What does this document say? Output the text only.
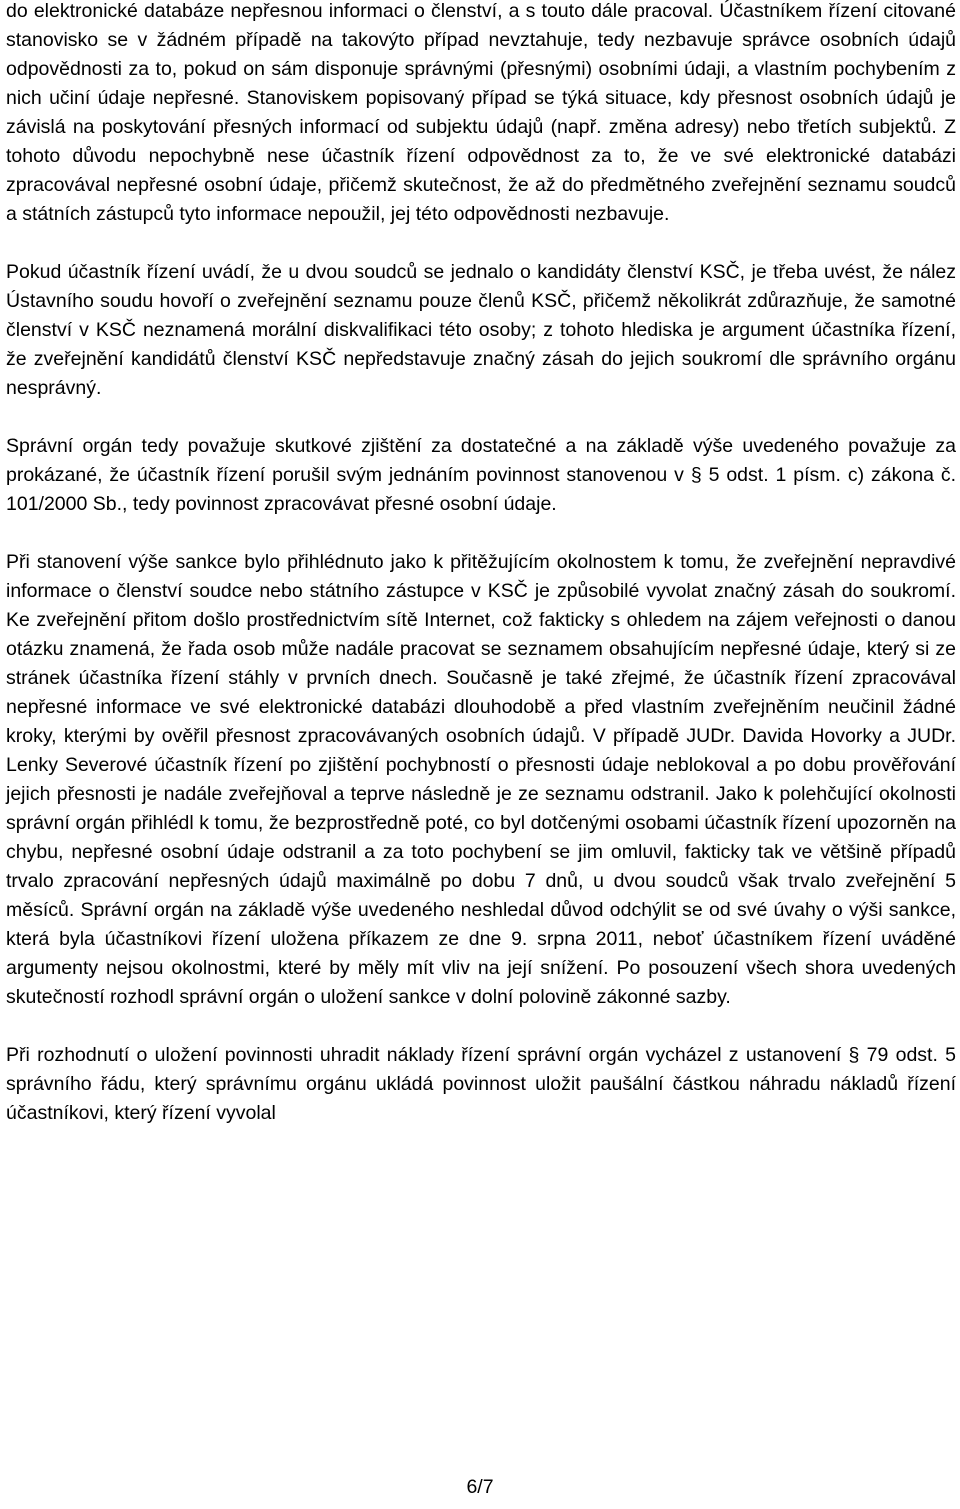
do elektronické databáze nepřesnou informaci o členství, a s touto dále pracoval. Účastníkem řízení citované stanovisko se v žádném případě na takovýto případ nevztahuje, tedy nezbavuje správce osobních údajů odpovědnosti za to, pokud on sám disponuje správnými (přesnými) osobními údaji, a vlastním pochybením z nich učiní údaje nepřesné. Stanoviskem popisovaný případ se týká situace, kdy přesnost osobních údajů je závislá na poskytování přesných informací od subjektu údajů (např. změna adresy) nebo třetích subjektů. Z tohoto důvodu nepochybně nese účastník řízení odpovědnost za to, že ve své elektronické databázi zpracovával nepřesné osobní údaje, přičemž skutečnost, že až do předmětného zveřejnění seznamu soudců a státních zástupců tyto informace nepoužil, jej této odpovědnosti nezbavuje.

Pokud účastník řízení uvádí, že u dvou soudců se jednalo o kandidáty členství KSČ, je třeba uvést, že nález Ústavního soudu hovoří o zveřejnění seznamu pouze členů KSČ, přičemž několikrát zdůrazňuje, že samotné členství v KSČ neznamená morální diskvalifikaci této osoby; z tohoto hlediska je argument účastníka řízení, že zveřejnění kandidátů členství KSČ nepředstavuje značný zásah do jejich soukromí dle správního orgánu nesprávný.

Správní orgán tedy považuje skutkové zjištění za dostatečné a na základě výše uvedeného považuje za prokázané, že účastník řízení porušil svým jednáním povinnost stanovenou v § 5 odst. 1 písm. c) zákona č. 101/2000 Sb., tedy povinnost zpracovávat přesné osobní údaje.

Při stanovení výše sankce bylo přihlédnuto jako k přitěžujícím okolnostem k tomu, že zveřejnění nepravdivé informace o členství soudce nebo státního zástupce v KSČ je způsobilé vyvolat značný zásah do soukromí. Ke zveřejnění přitom došlo prostřednictvím sítě Internet, což fakticky s ohledem na zájem veřejnosti o danou otázku znamená, že řada osob může nadále pracovat se seznamem obsahujícím nepřesné údaje, který si ze stránek účastníka řízení stáhly v prvních dnech. Současně je také zřejmé, že účastník řízení zpracovával nepřesné informace ve své elektronické databázi dlouhodobě a před vlastním zveřejněním neučinil žádné kroky, kterými by ověřil přesnost zpracovávaných osobních údajů. V případě JUDr. Davida Hovorky a JUDr. Lenky Severové účastník řízení po zjištění pochybností o přesnosti údaje neblokoval a po dobu prověřování jejich přesnosti je nadále zveřejňoval a teprve následně je ze seznamu odstranil. Jako k polehčující okolnosti správní orgán přihlédl k tomu, že bezprostředně poté, co byl dotčenými osobami účastník řízení upozorněn na chybu, nepřesné osobní údaje odstranil a za toto pochybení se jim omluvil, fakticky tak ve většině případů trvalo zpracování nepřesných údajů maximálně po dobu 7 dnů, u dvou soudců však trvalo zveřejnění 5 měsíců. Správní orgán na základě výše uvedeného neshledal důvod odchýlit se od své úvahy o výši sankce, která byla účastníkovi řízení uložena příkazem ze dne 9. srpna 2011, neboť účastníkem řízení uváděné argumenty nejsou okolnostmi, které by měly mít vliv na její snížení. Po posouzení všech shora uvedených skutečností rozhodl správní orgán o uložení sankce v dolní polovině zákonné sazby.

Při rozhodnutí o uložení povinnosti uhradit náklady řízení správní orgán vycházel z ustanovení § 79 odst. 5 správního řádu, který správnímu orgánu ukládá povinnost uložit paušální částkou náhradu nákladů řízení účastníkovi, který řízení vyvolal

6/7
